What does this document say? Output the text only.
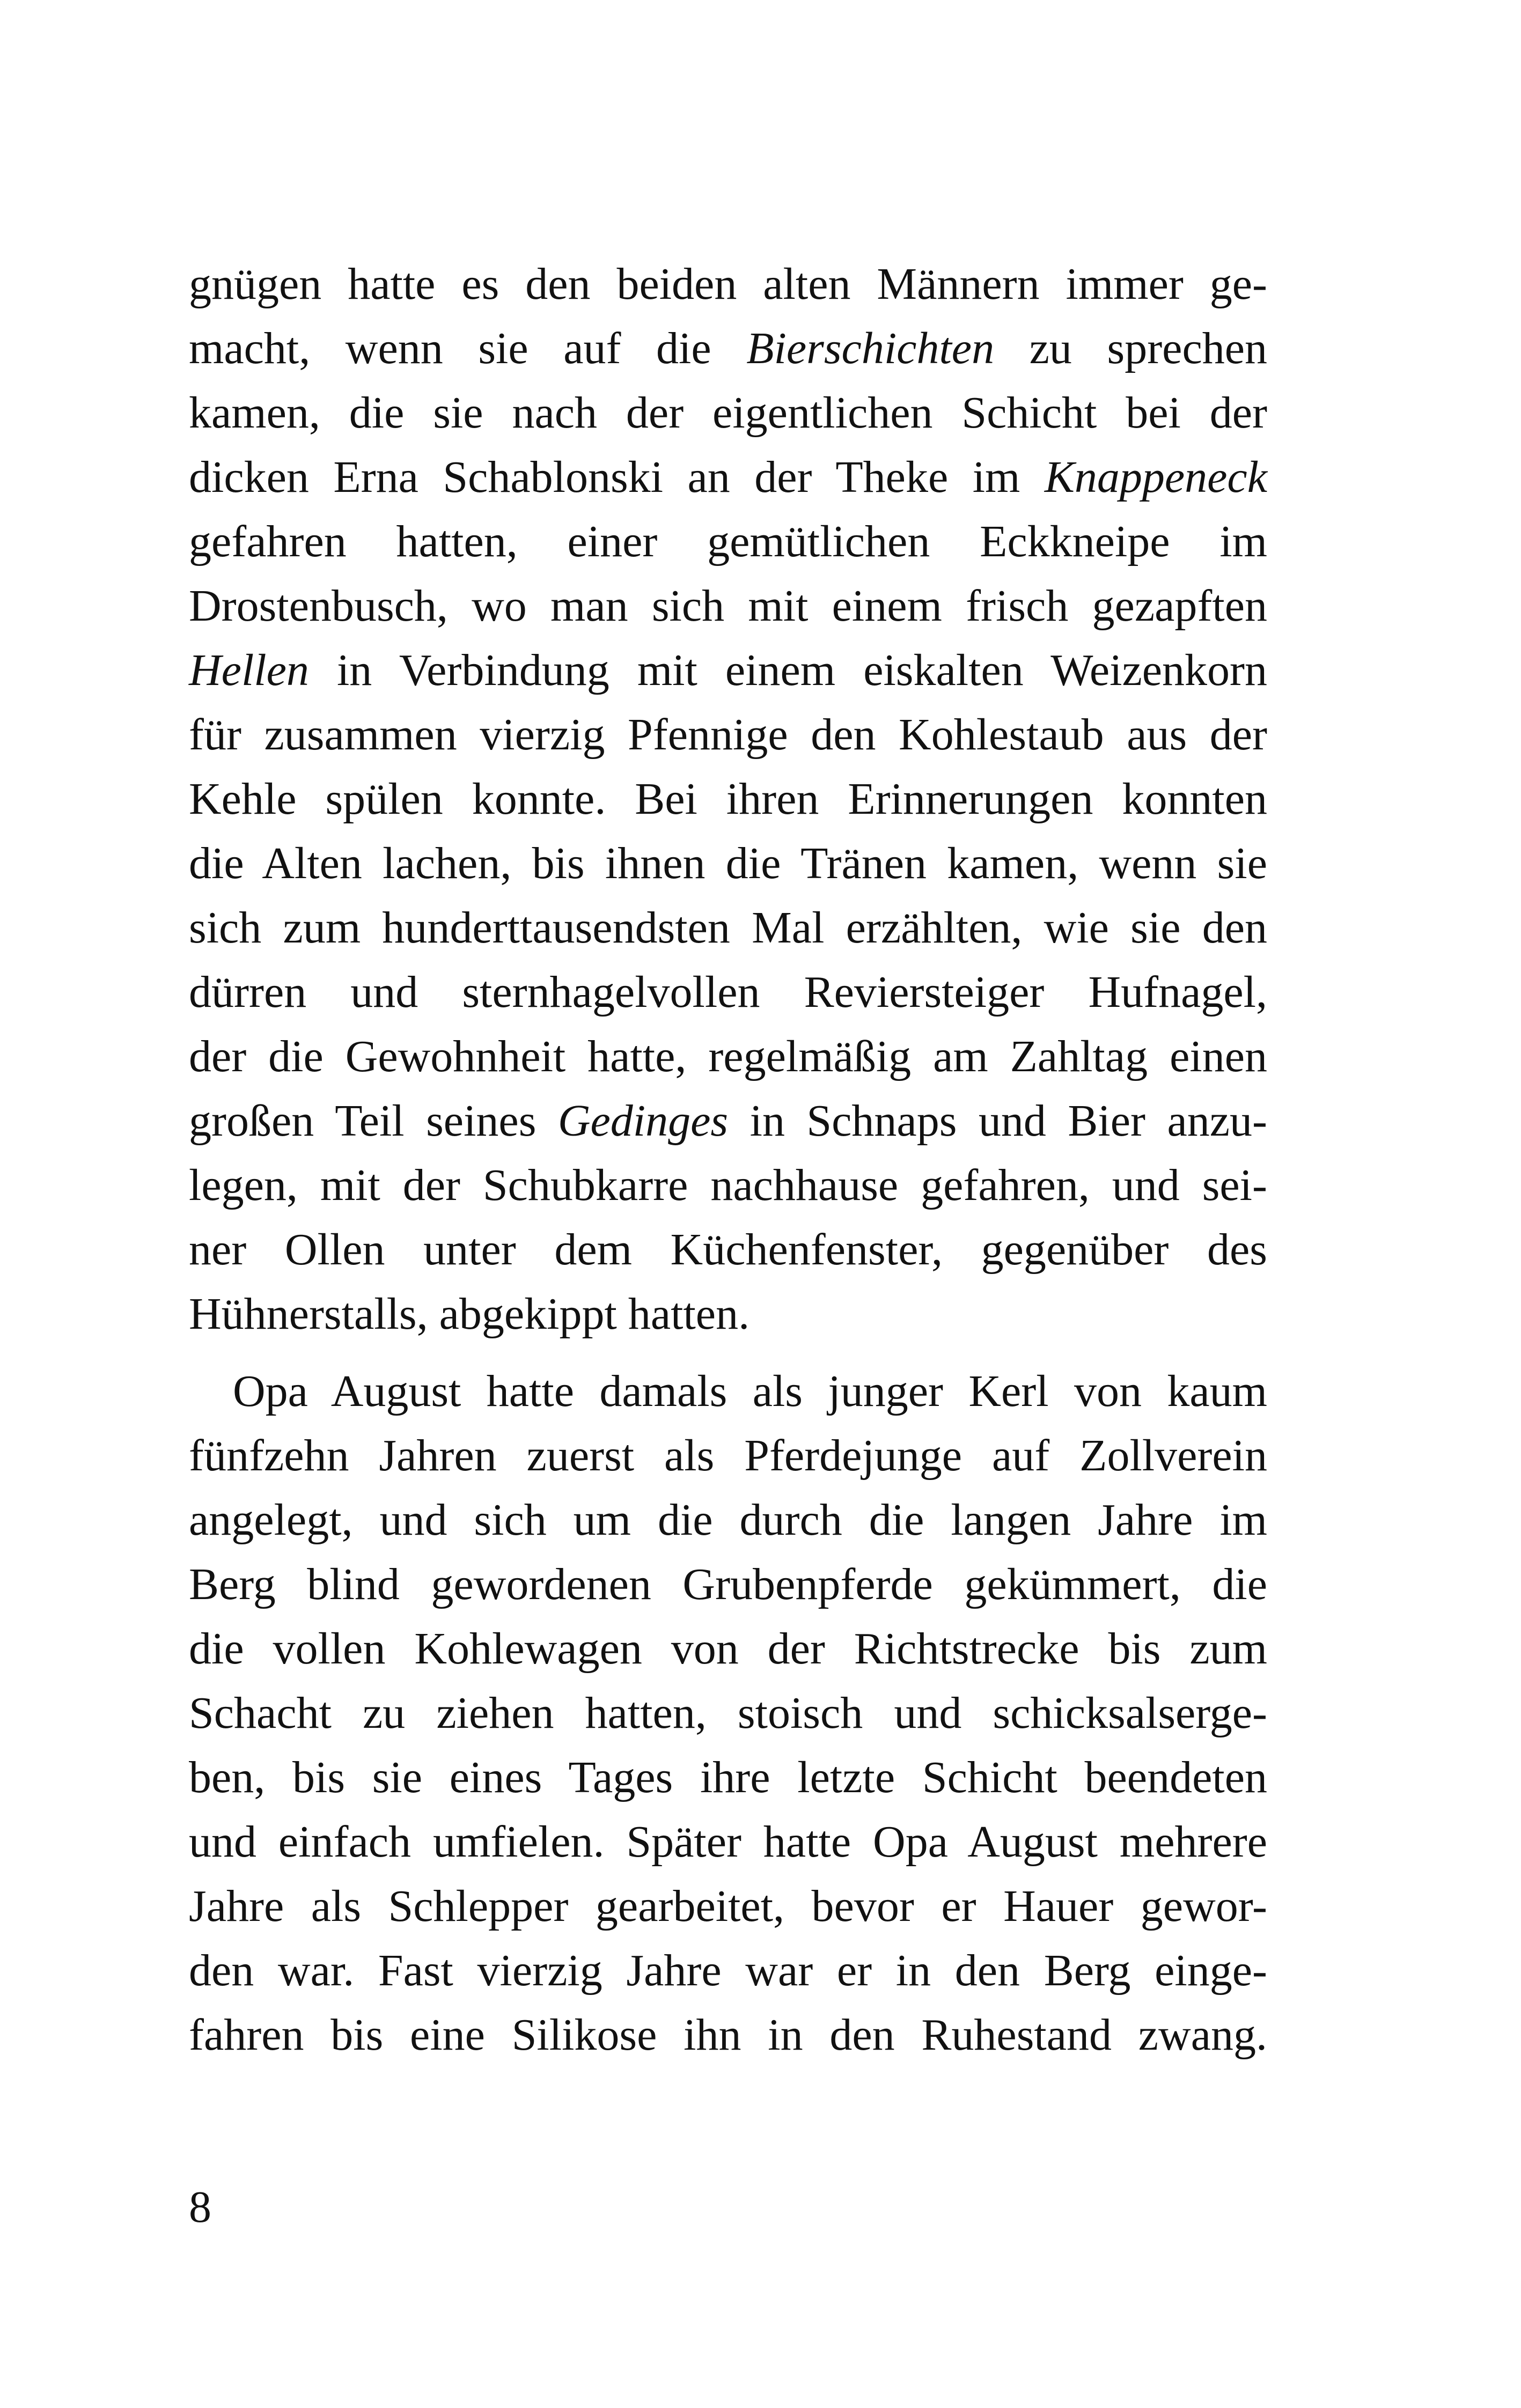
gnügen hatte es den beiden alten Männern immer ge-
macht, wenn sie auf die Bierschichten zu sprechen
kamen, die sie nach der eigentlichen Schicht bei der
dicken Erna Schablonski an der Theke im Knappeneck
gefahren hatten, einer gemütlichen Eckkneipe im
Drostenbusch, wo man sich mit einem frisch gezapften
Hellen in Verbindung mit einem eiskalten Weizenkorn
für zusammen vierzig Pfennige den Kohlestaub aus der
Kehle spülen konnte. Bei ihren Erinnerungen konnten
die Alten lachen, bis ihnen die Tränen kamen, wenn sie
sich zum hunderttausendsten Mal erzählten, wie sie den
dürren und sternhagelvollen Reviersteiger Hufnagel,
der die Gewohnheit hatte, regelmäßig am Zahltag einen
großen Teil seines Gedinges in Schnaps und Bier anzu-
legen, mit der Schubkarre nachhause gefahren, und sei-
ner Ollen unter dem Küchenfenster, gegenüber des
Hühnerstalls, abgekippt hatten.
Opa August hatte damals als junger Kerl von kaum
fünfzehn Jahren zuerst als Pferdejunge auf Zollverein
angelegt, und sich um die durch die langen Jahre im
Berg blind gewordenen Grubenpferde gekümmert, die
die vollen Kohlewagen von der Richtstrecke bis zum
Schacht zu ziehen hatten, stoisch und schicksalserge-
ben, bis sie eines Tages ihre letzte Schicht beendeten
und einfach umfielen. Später hatte Opa August mehrere
Jahre als Schlepper gearbeitet, bevor er Hauer gewor-
den war. Fast vierzig Jahre war er in den Berg einge-
fahren bis eine Silikose ihn in den Ruhestand zwang.
8
